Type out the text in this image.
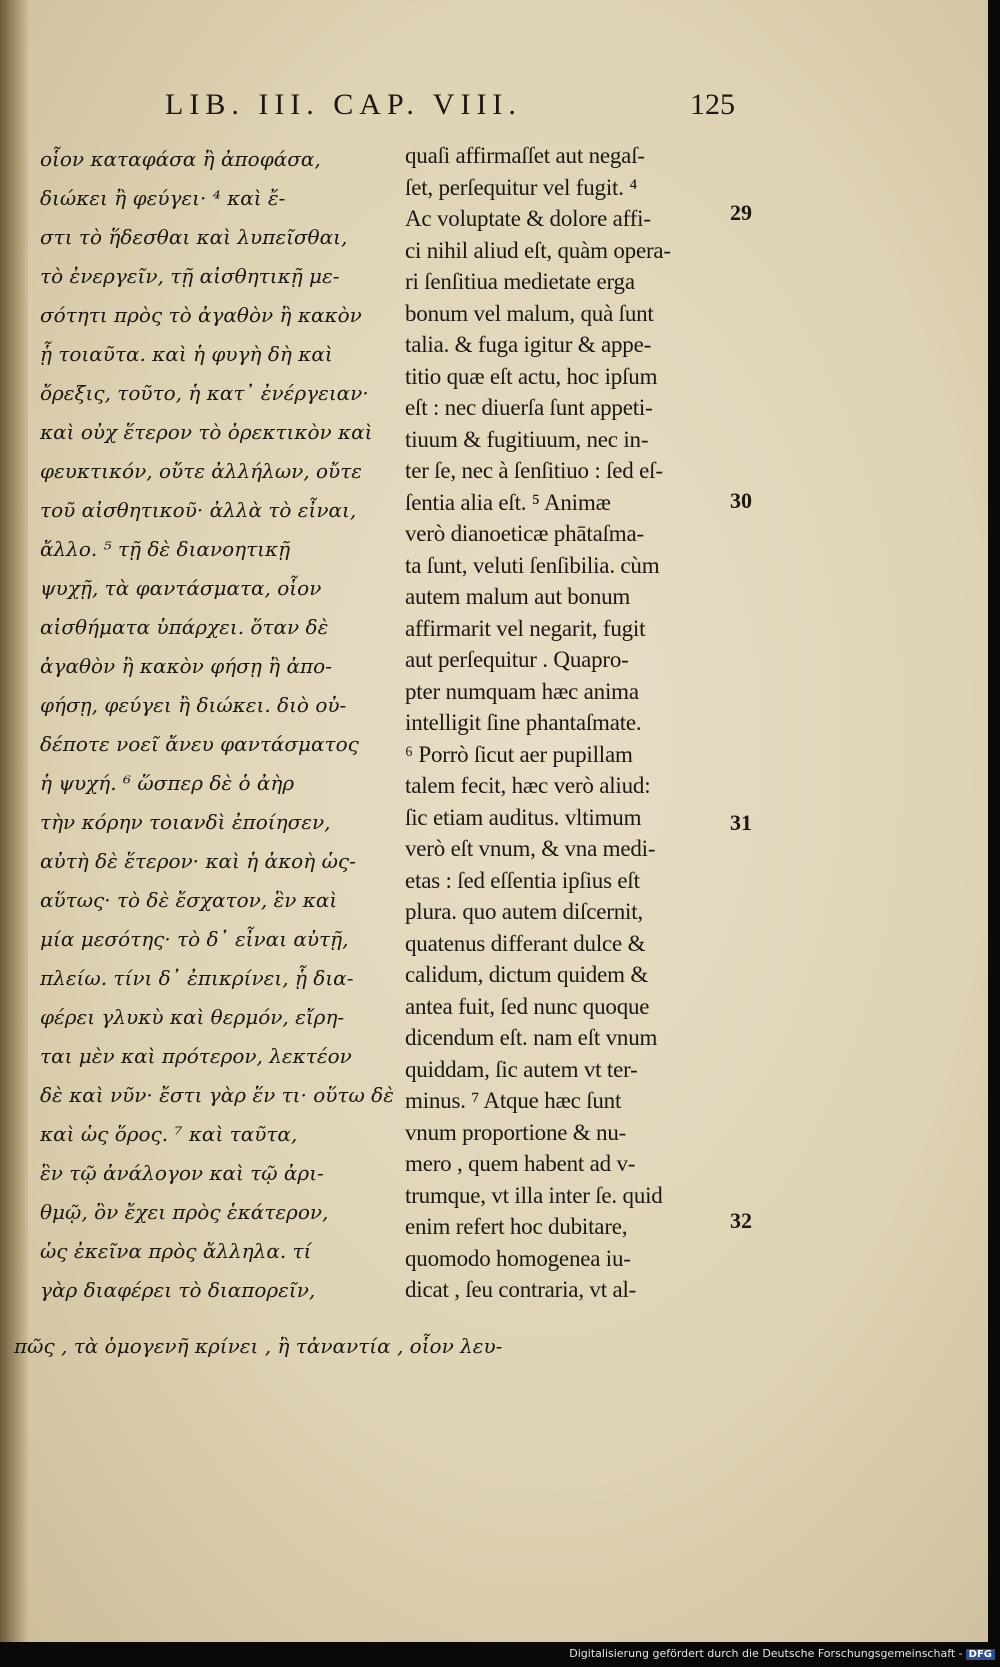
LIB. III. CAP. VIII.	125
οἷον καταφάσα ἢ ἀποφάσα,
διώκει ἢ φεύγει· ⁴ καὶ ἔ-
στι τὸ ἥδεσθαι καὶ λυπεῖσθαι,
τὸ ἐνεργεῖν, τῇ αἰσθητικῇ με-
σότητι πρὸς τὸ ἀγαθὸν ἢ κακὸν
ᾗ τοιαῦτα. καὶ ἡ φυγὴ δὴ καὶ
ὄρεξις, τοῦτο, ἡ κατ᾽ ἐνέργειαν·
καὶ οὐχ ἕτερον τὸ ὀρεκτικὸν καὶ
φευκτικόν, οὔτε ἀλλήλων, οὔτε
τοῦ αἰσθητικοῦ· ἀλλὰ τὸ εἶναι,
ἄλλο. ⁵ τῇ δὲ διανοητικῇ
ψυχῇ, τὰ φαντάσματα, οἷον
αἰσθήματα ὑπάρχει. ὅταν δὲ
ἀγαθὸν ἢ κακὸν φήσῃ ἢ ἀπο-
φήσῃ, φεύγει ἢ διώκει. διὸ οὐ-
δέποτε νοεῖ ἄνευ φαντάσματος
ἡ ψυχή. ⁶ ὥσπερ δὲ ὁ ἀὴρ
τὴν κόρην τοιανδὶ ἐποίησεν,
αὐτὴ δὲ ἕτερον· καὶ ἡ ἀκοὴ ὡς-
αὕτως· τὸ δὲ ἔσχατον, ἓν καὶ
μία μεσότης· τὸ δ᾽ εἶναι αὐτῇ,
πλείω. τίνι δ᾽ ἐπικρίνει, ᾗ δια-
φέρει γλυκὺ καὶ θερμόν, εἴρη-
ται μὲν καὶ πρότερον, λεκτέον
δὲ καὶ νῦν· ἔστι γὰρ ἕν τι· οὕτω δὲ
καὶ ὡς ὅρος. ⁷ καὶ ταῦτα,
ἓν τῷ ἀνάλογον καὶ τῷ ἀρι-
θμῷ, ὂν ἔχει πρὸς ἑκάτερον,
ὡς ἐκεῖνα πρὸς ἄλληλα. τί
γὰρ διαφέρει τὸ διαπορεῖν,
quaſi affirmaſſet aut negaſ-
ſet, perſequitur vel fugit. ⁴
Ac voluptate & dolore affi-
ci nihil aliud eſt, quàm opera-
ri ſenſitiua medietate erga
bonum vel malum, quà ſunt
talia. & fuga igitur & appe-
titio quæ eſt actu, hoc ipſum
eſt : nec diuerſa ſunt appeti-
tiuum & fugitiuum, nec in-
ter ſe, nec à ſenſitiuo : ſed eſ-
ſentia alia eſt. ⁵ Animæ
verò dianoeticæ phātaſma-
ta ſunt, veluti ſenſibilia. cùm
autem malum aut bonum
affirmarit vel negarit, fugit
aut perſequitur . Quapro-
pter numquam hæc anima
intelligit ſine phantaſmate.
⁶ Porrò ſicut aer pupillam
talem fecit, hæc verò aliud:
ſic etiam auditus. vltimum
verò eſt vnum, & vna medi-
etas : ſed eſſentia ipſius eſt
plura. quo autem diſcernit,
quatenus differant dulce &
calidum, dictum quidem &
antea fuit, ſed nunc quoque
dicendum eſt. nam eſt vnum
quiddam, ſic autem vt ter-
minus. ⁷ Atque hæc ſunt
vnum proportione & nu-
mero , quem habent ad v-
trumque, vt illa inter ſe. quid
enim refert hoc dubitare,
quomodo homogenea iu-
dicat , ſeu contraria, vt al-
πῶς , τὰ ὁμογενῆ κρίνει , ἢ τἀναντία , οἷον λευ-
29
30
31
32
Digitalisierung gefördert durch die Deutsche Forschungsgemeinschaft - DFG
